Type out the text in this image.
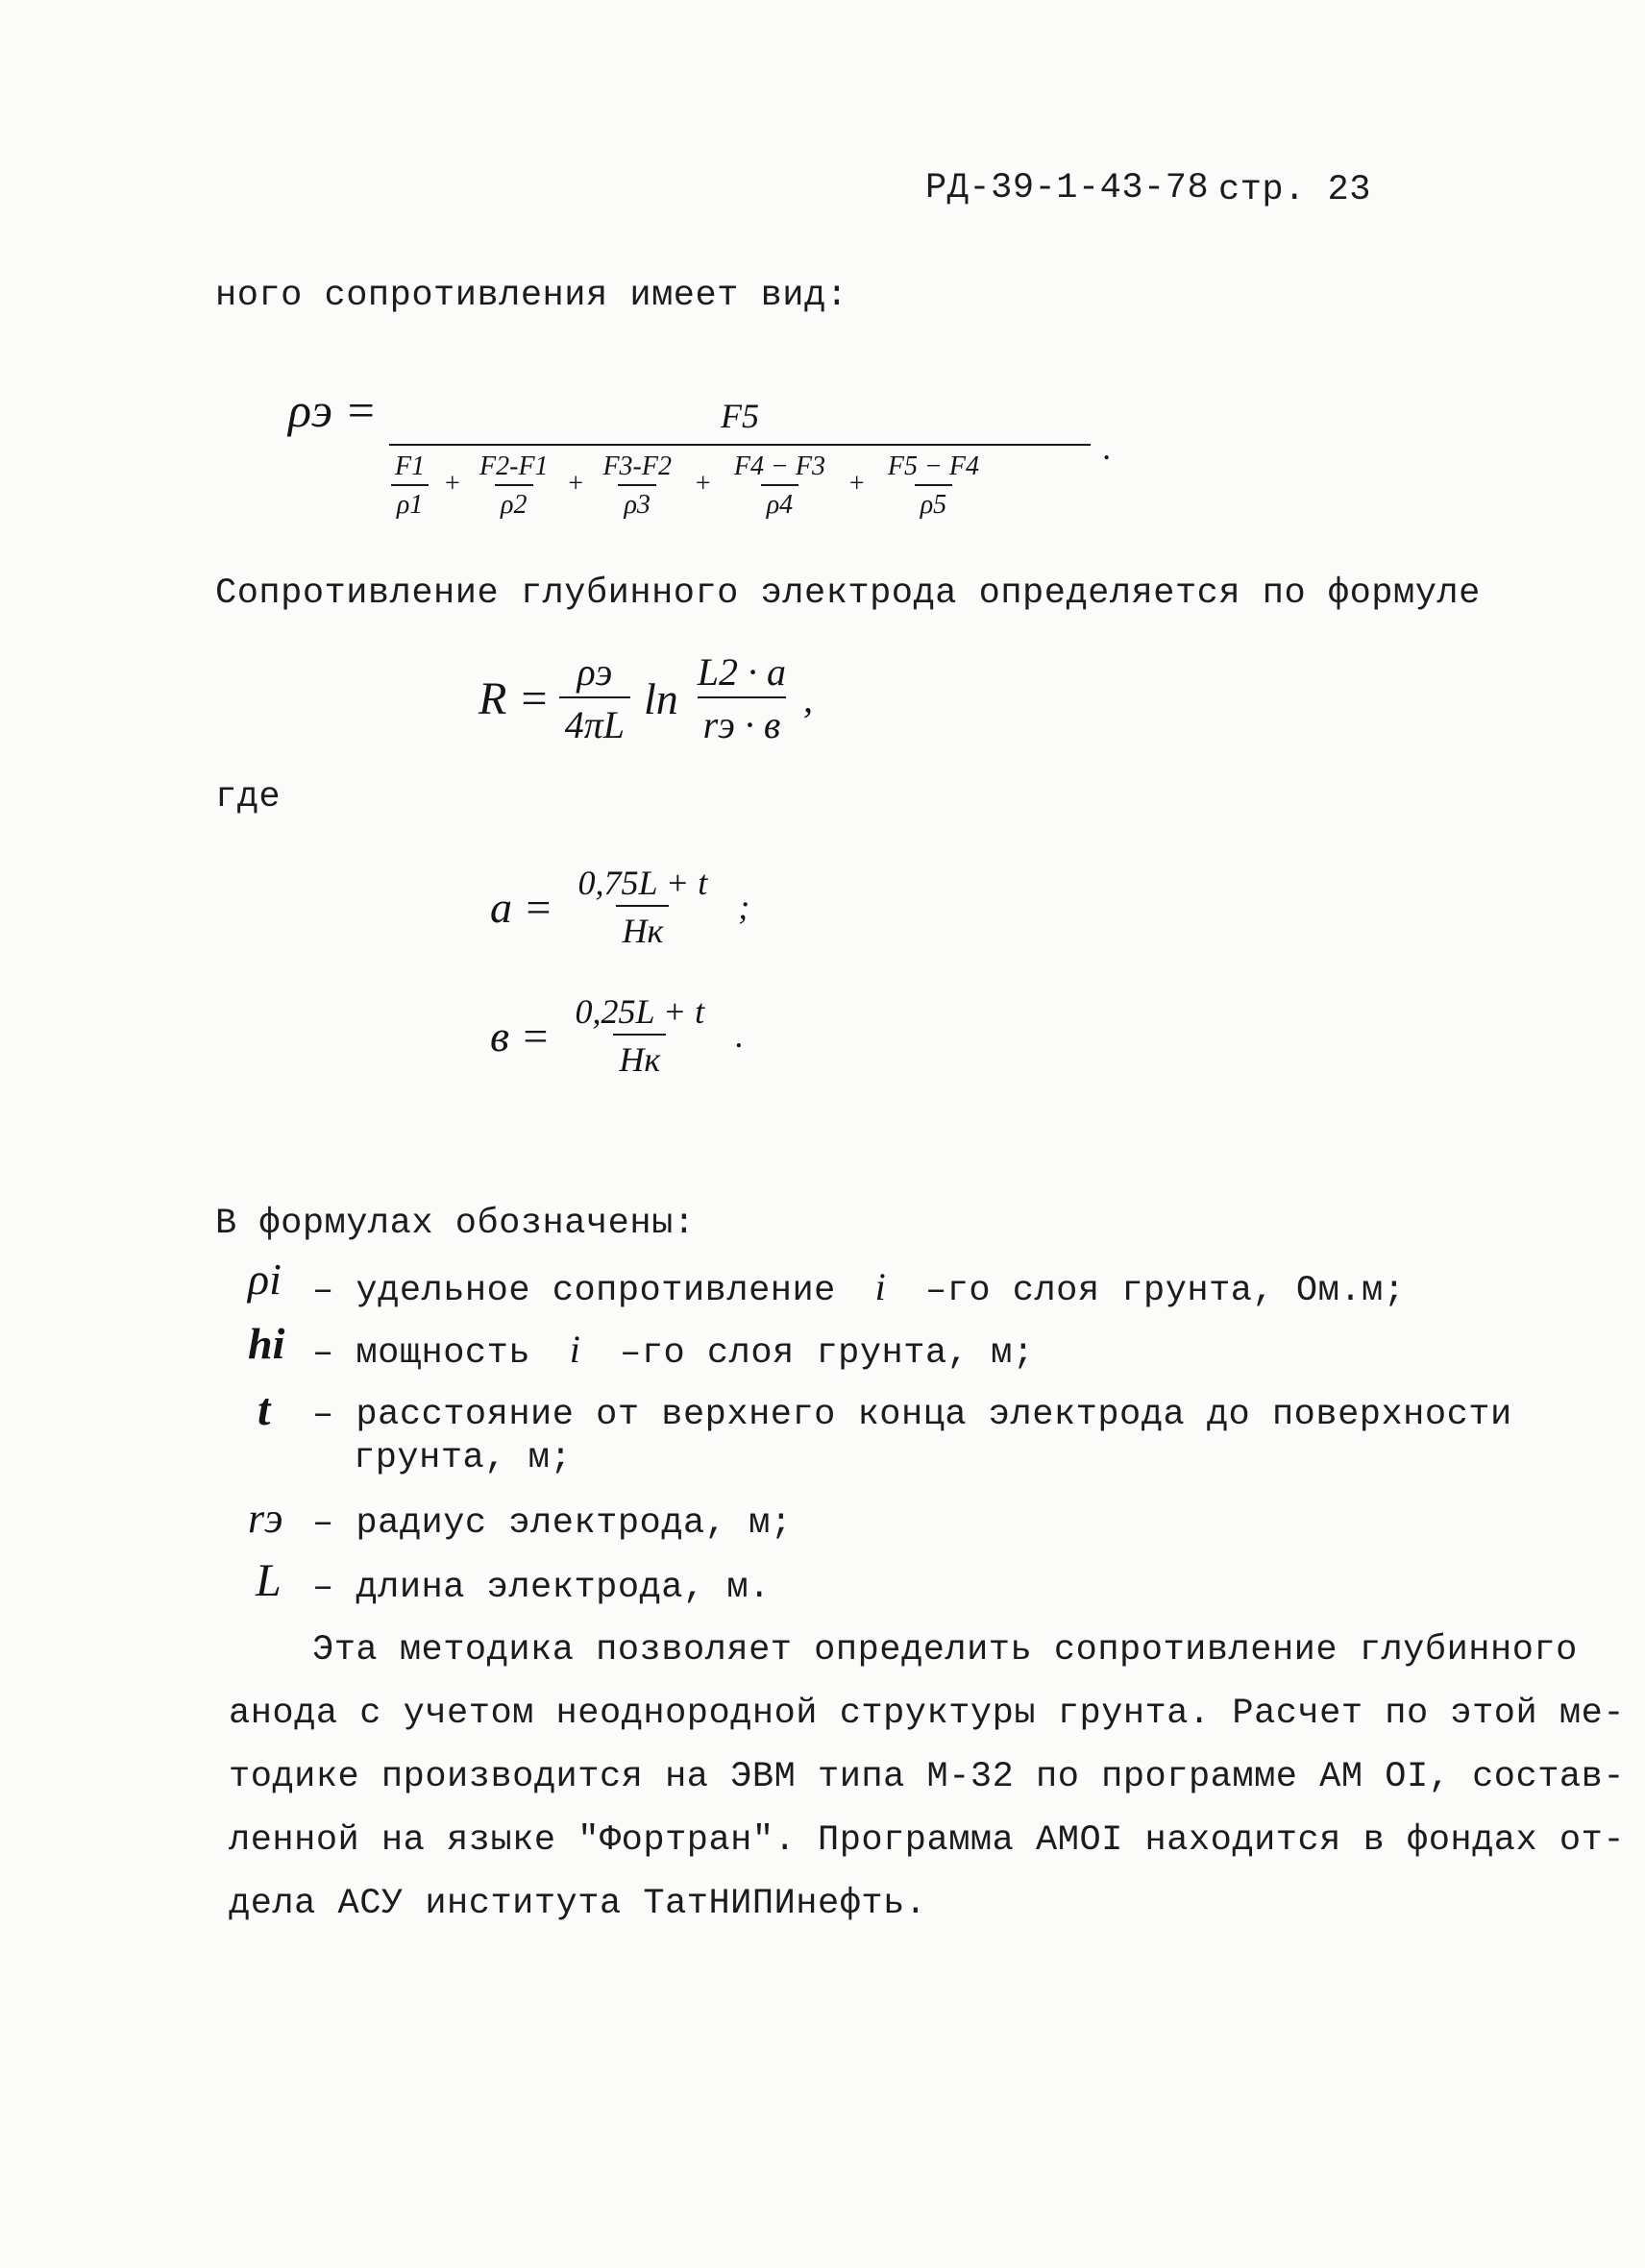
РД-39-1-43-78 стр. 23
ного сопротивления имеет вид:
ρэ =	F5
$\frac{F1}{\rho 1} + \frac{F2-F1}{\rho 2} + \frac{F3-F2}{\rho 3} + \frac{F4 - F3}{\rho 4} + \frac{F5 - F4}{\rho 5}$
.
Сопротивление глубинного электрода определяется по формуле
$R = \frac{\rho э}{4\pi L}$ $\ln \frac{L2 \cdot a}{rэ \cdot в}$ ,
где
$a = \frac{0,75L + t}{Hк}$ ;
$в = \frac{0,25L + t}{Hк}$ .
В формулах обозначены:
ρi – удельное сопротивление i –го слоя грунта, Ом.м;
hi – мощность i –го слоя грунта, м;
t – расстояние от верхнего конца электрода до поверхности
грунта, м;
rэ – радиус электрода, м;
L – длина электрода, м.
Эта методика позволяет определить сопротивление глубинного
анода с учетом неоднородной структуры грунта. Расчет по этой ме-
тодике производится на ЭВМ типа М-32 по программе АМ ОI, состав-
ленной на языке "Фортран". Программа АМОI находится в фондах от-
дела АСУ института ТатНИПИнефть.
